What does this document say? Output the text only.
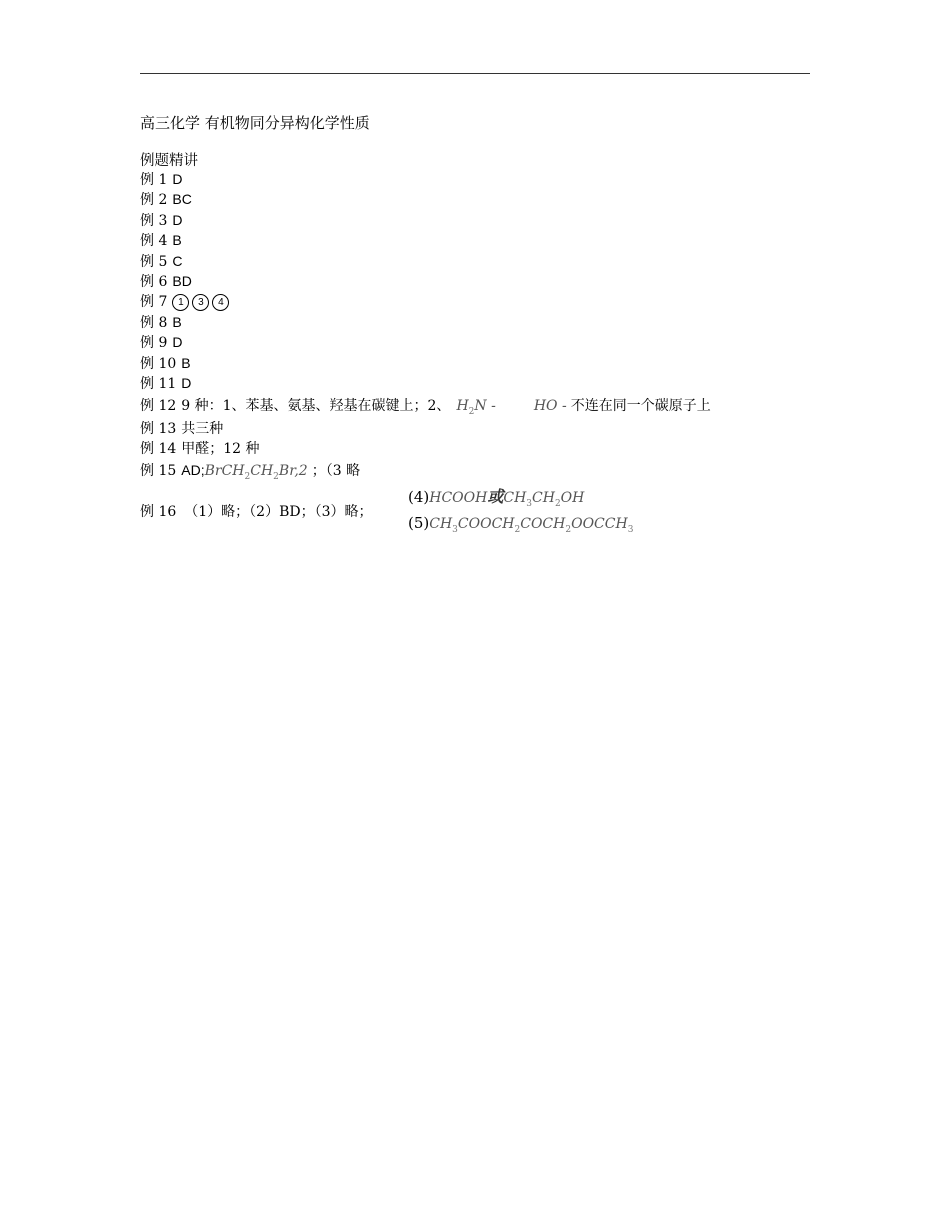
高三化学 有机物同分异构化学性质
例题精讲
例 1 D
例 2 BC
例 3 D
例 4 B
例 5 C
例 6 BD
例 7 1 3 4
例 8 B
例 9 D
例 10 B
例 11 D
例 12 9 种：1、苯基、氨基、羟基在碳键上；2、 $H_2N$ -	HO - 不连在同一个碳原子上
例 13 共三种
例 14 甲醛；12 种
例 15 $AD;BrCH_2CH_2Br,2$ ；（3 略
例 16 （1）略；（2）BD；（3）略；
(4)HCOOH或$CH_3CH_2OH$
$(5)CH_3COOCH_2COCH_2OOCCH_3$
